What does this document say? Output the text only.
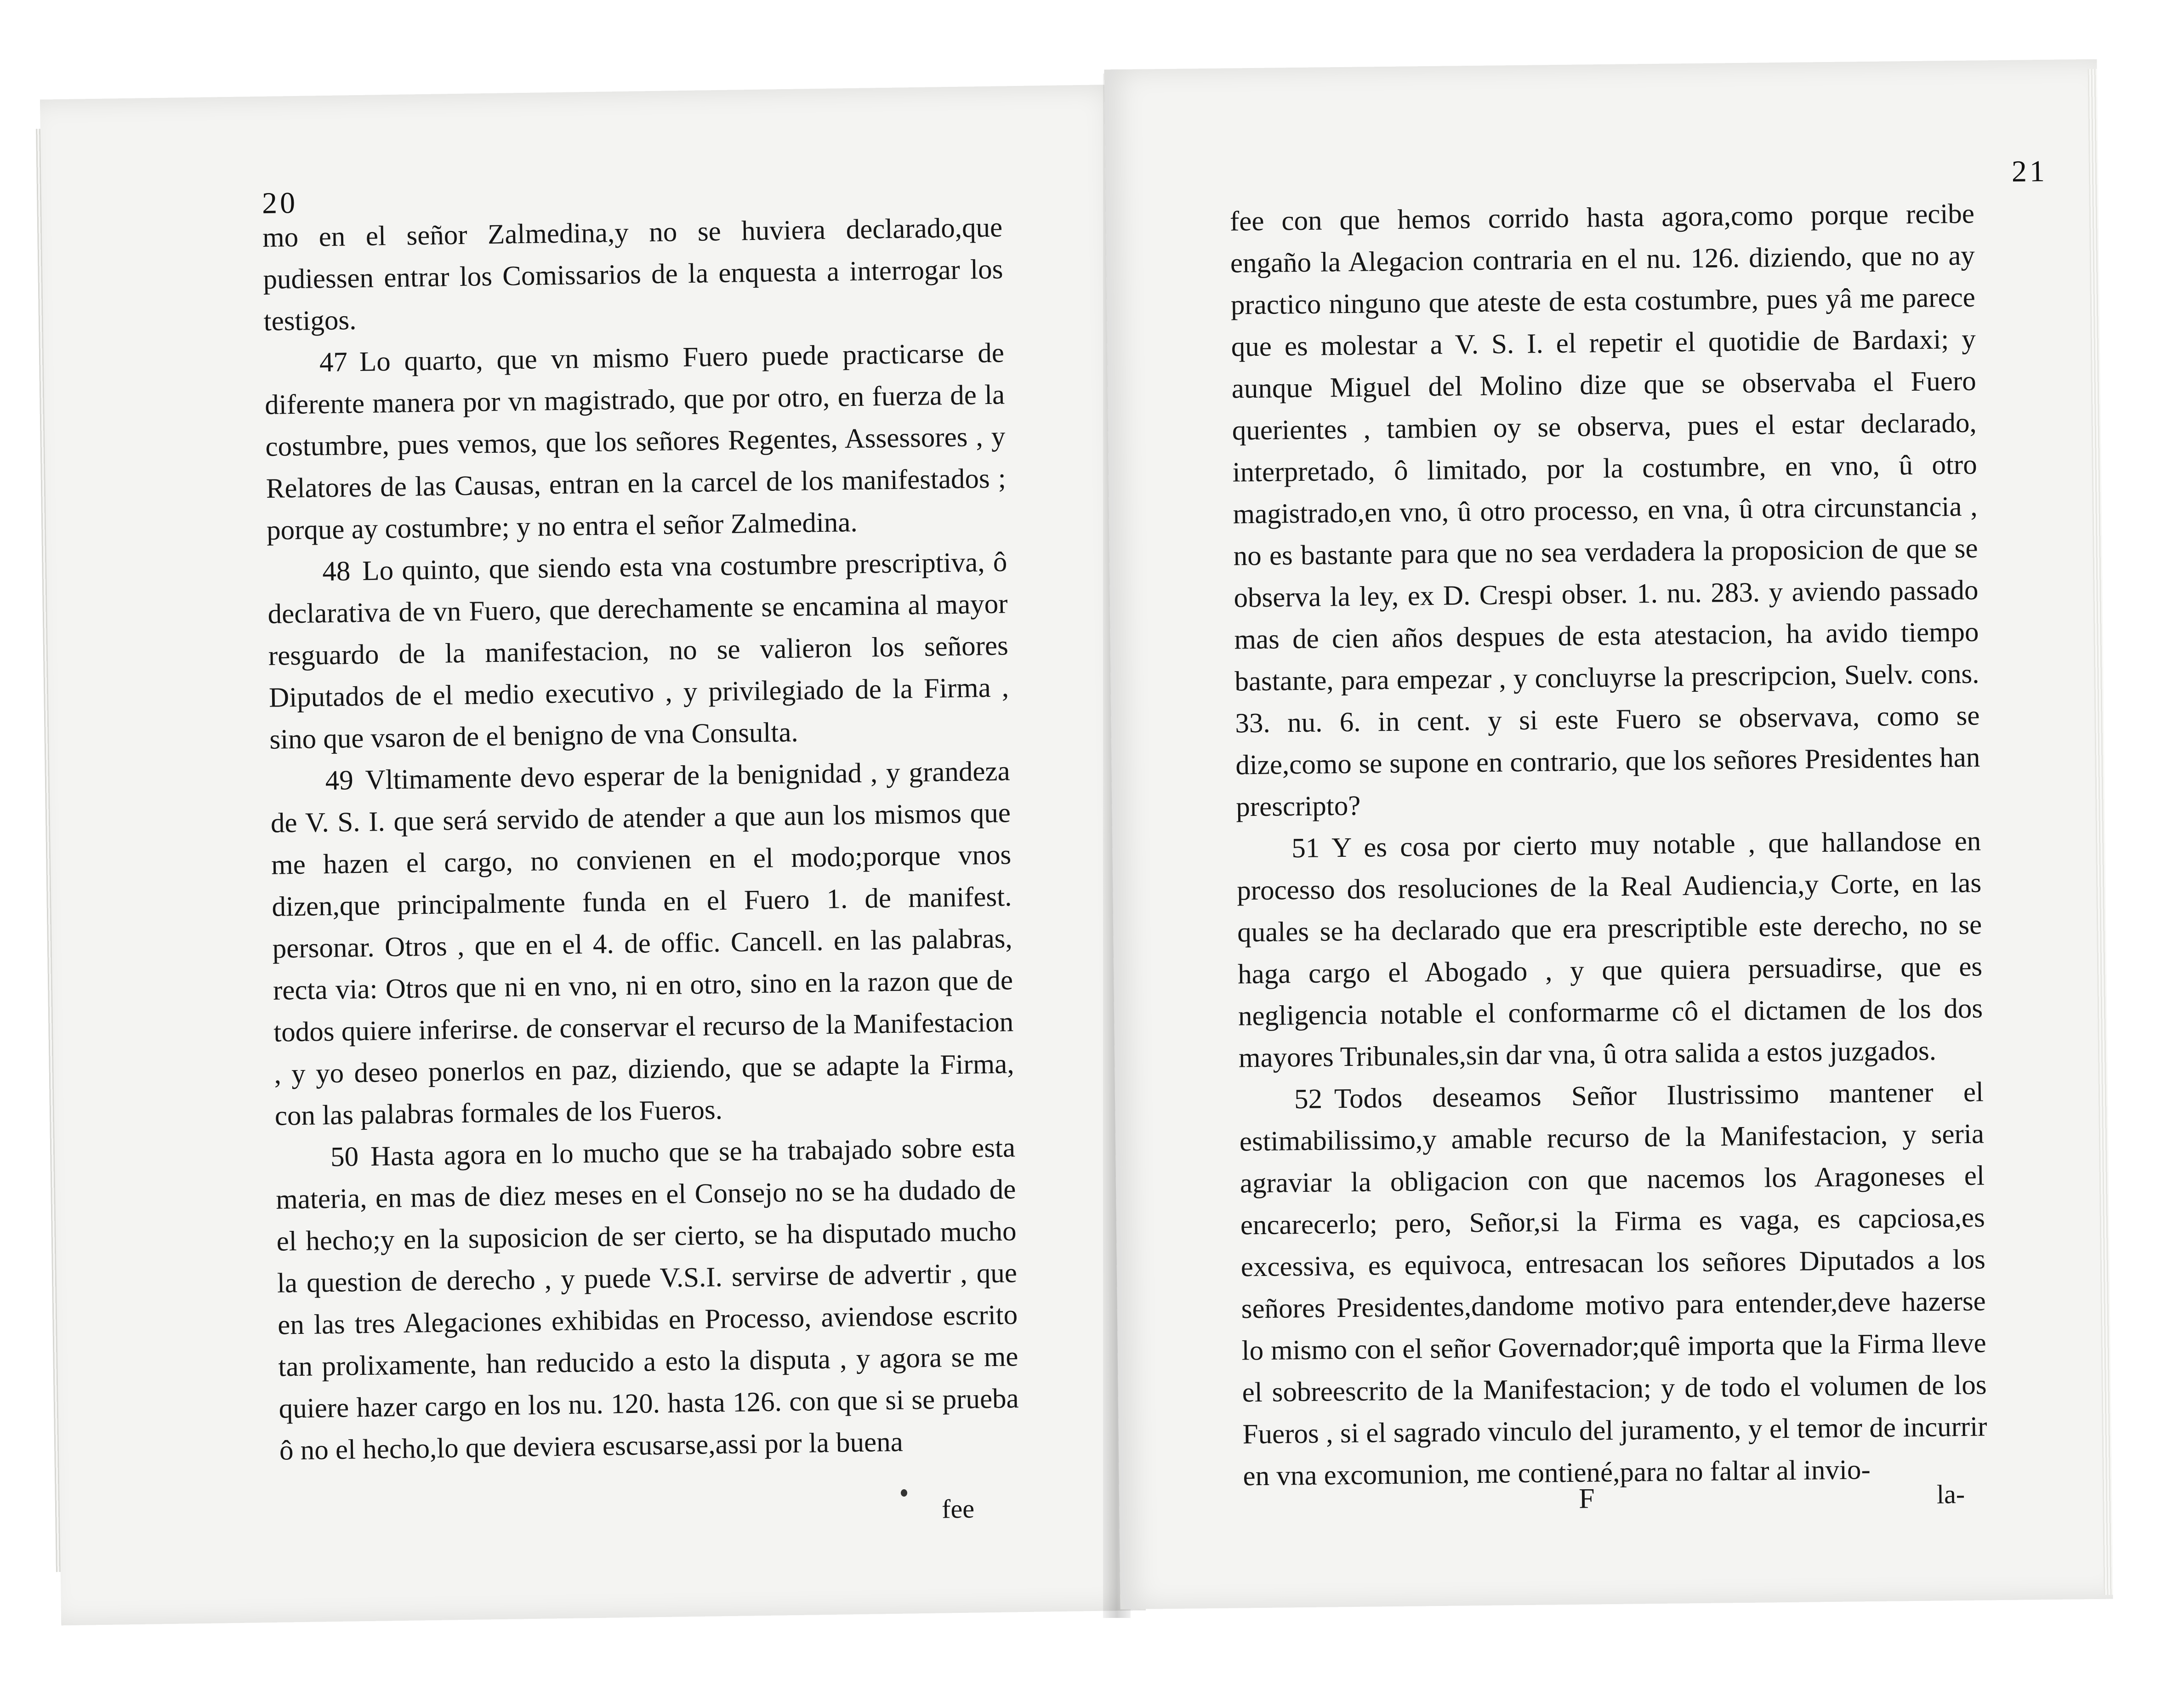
20

mo en el señor Zalmedina,y no se huviera declarado,que pudiessen entrar los Comissarios de la enquesta a interrogar los testigos.

47 Lo quarto, que vn mismo Fuero puede practicarse de diferente manera por vn magistrado, que por otro, en fuerza de la costumbre, pues vemos, que los señores Regentes, Assessores , y Relatores de las Causas, entran en la carcel de los manifestados ; porque ay costumbre; y no entra el señor Zalmedina.

48 Lo quinto, que siendo esta vna costumbre prescriptiva, ô declarativa de vn Fuero, que derechamente se encamina al mayor resguardo de la manifestacion, no se valieron los señores Diputados de el medio executivo , y privilegiado de la Firma , sino que vsaron de el benigno de vna Consulta.

49 Vltimamente devo esperar de la benignidad , y grandeza de V. S. I. que será servido de atender a que aun los mismos que me hazen el cargo, no convienen en el modo;porque vnos dizen,que principalmente funda en el Fuero 1. de manifest. personar. Otros , que en el 4. de offic. Cancell. en las palabras, recta via: Otros que ni en vno, ni en otro, sino en la razon que de todos quiere inferirse. de conservar el recurso de la Manifestacion , y yo deseo ponerlos en paz, diziendo, que se adapte la Firma, con las palabras formales de los Fueros.

50 Hasta agora en lo mucho que se ha trabajado sobre esta materia, en mas de diez meses en el Consejo no se ha dudado de el hecho;y en la suposicion de ser cierto, se ha disputado mucho la question de derecho , y puede V.S.I. servirse de advertir , que en las tres Alegaciones exhibidas en Processo, aviendose escrito tan prolixamente, han reducido a esto la disputa , y agora se me quiere hazer cargo en los nu. 120. hasta 126. con que si se prueba ô no el hecho,lo que deviera escusarse,assi por la buena

fee
21

fee con que hemos corrido hasta agora,como porque recibe engaño la Alegacion contraria en el nu. 126. diziendo, que no ay practico ninguno que ateste de esta costumbre, pues yâ me parece que es molestar a V. S. I. el repetir el quotidie de Bardaxi; y aunque Miguel del Molino dize que se observaba el Fuero querientes , tambien oy se observa, pues el estar declarado, interpretado, ô limitado, por la costumbre, en vno, û otro magistrado,en vno, û otro processo, en vna, û otra circunstancia , no es bastante para que no sea verdadera la proposicion de que se observa la ley, ex D. Crespi obser. 1. nu. 283. y aviendo passado mas de cien años despues de esta atestacion, ha avido tiempo bastante, para empezar , y concluyrse la prescripcion, Suelv. cons. 33. nu. 6. in cent. y si este Fuero se observava, como se dize,como se supone en contrario, que los señores Presidentes han prescripto?

51 Y es cosa por cierto muy notable , que hallandose en processo dos resoluciones de la Real Audiencia,y Corte, en las quales se ha declarado que era prescriptible este derecho, no se haga cargo el Abogado , y que quiera persuadirse, que es negligencia notable el conformarme cô el dictamen de los dos mayores Tribunales,sin dar vna, û otra salida a estos juzgados.

52 Todos deseamos Señor Ilustrissimo mantener el estimabilissimo,y amable recurso de la Manifestacion, y seria agraviar la obligacion con que nacemos los Aragoneses el encarecerlo; pero, Señor,si la Firma es vaga, es capciosa,es excessiva, es equivoca, entresacan los señores Diputados a los señores Presidentes,dandome motivo para entender,deve hazerse lo mismo con el señor Governador;quê importa que la Firma lleve el sobreescrito de la Manifestacion; y de todo el volumen de los Fueros , si el sagrado vinculo del juramento, y el temor de incurrir en vna excomunion, me contiené,para no faltar al invio-

F	la-
